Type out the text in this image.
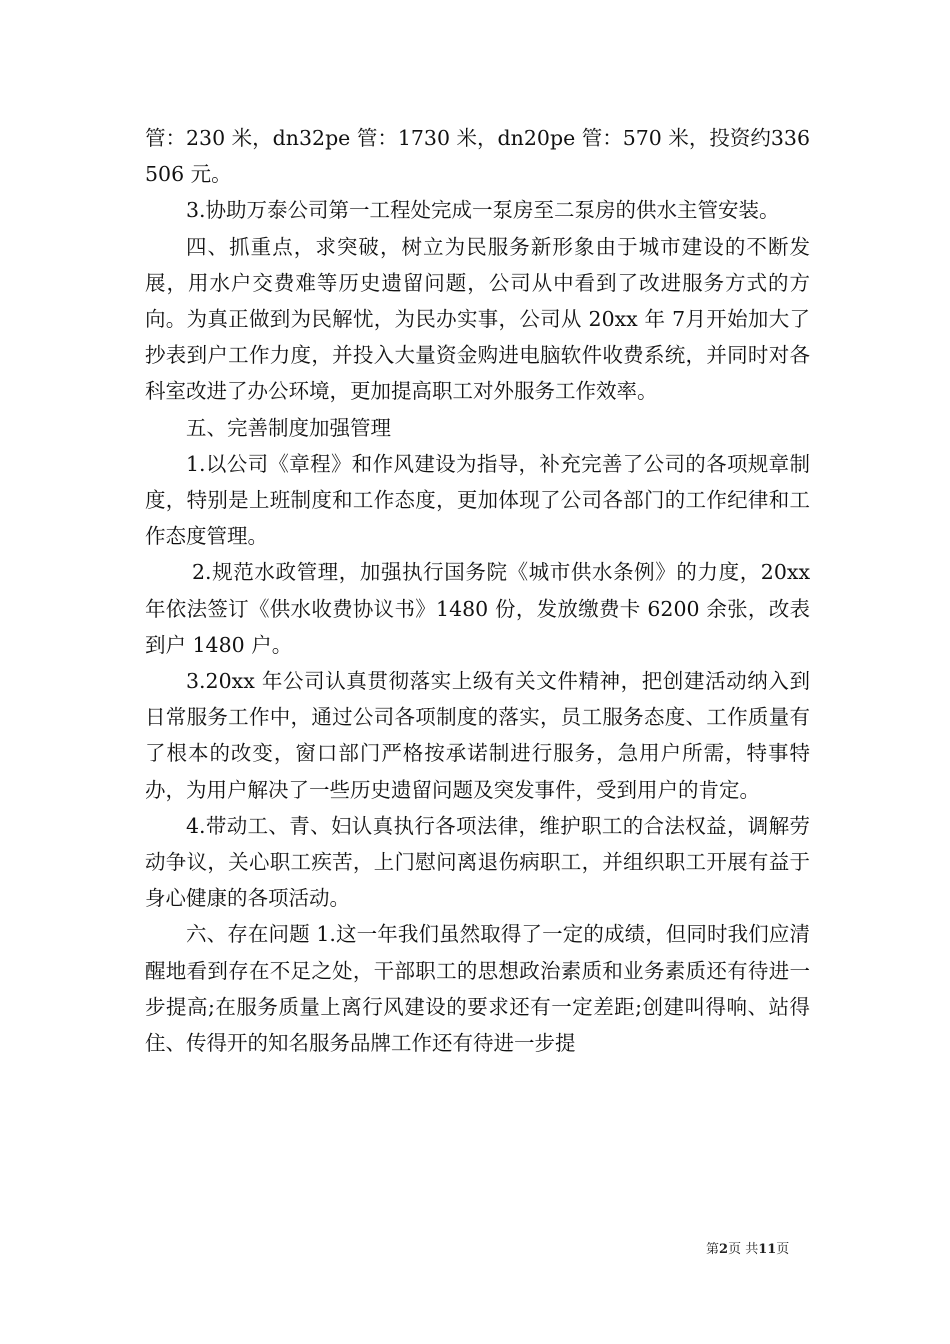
管：230 米，dn32pe 管：1730 米，dn20pe 管：570 米，投资约336506 元。

3.协助万泰公司第一工程处完成一泵房至二泵房的供水主管安装。

四、抓重点，求突破，树立为民服务新形象由于城市建设的不断发展，用水户交费难等历史遗留问题，公司从中看到了改进服务方式的方向。为真正做到为民解忧，为民办实事，公司从 20xx 年 7月开始加大了抄表到户工作力度，并投入大量资金购进电脑软件收费系统，并同时对各科室改进了办公环境，更加提高职工对外服务工作效率。

五、完善制度加强管理

1.以公司《章程》和作风建设为指导，补充完善了公司的各项规章制度，特别是上班制度和工作态度，更加体现了公司各部门的工作纪律和工作态度管理。

2.规范水政管理，加强执行国务院《城市供水条例》的力度，20xx 年依法签订《供水收费协议书》1480 份，发放缴费卡 6200 余张，改表到户 1480 户。

3.20xx 年公司认真贯彻落实上级有关文件精神，把创建活动纳入到日常服务工作中，通过公司各项制度的落实，员工服务态度、工作质量有了根本的改变，窗口部门严格按承诺制进行服务，急用户所需，特事特办，为用户解决了一些历史遗留问题及突发事件，受到用户的肯定。

4.带动工、青、妇认真执行各项法律，维护职工的合法权益，调解劳动争议，关心职工疾苦，上门慰问离退伤病职工，并组织职工开展有益于身心健康的各项活动。

六、存在问题 1.这一年我们虽然取得了一定的成绩，但同时我们应清醒地看到存在不足之处，干部职工的思想政治素质和业务素质还有待进一步提高;在服务质量上离行风建设的要求还有一定差距;创建叫得响、站得住、传得开的知名服务品牌工作还有待进一步提

第2页 共11页
